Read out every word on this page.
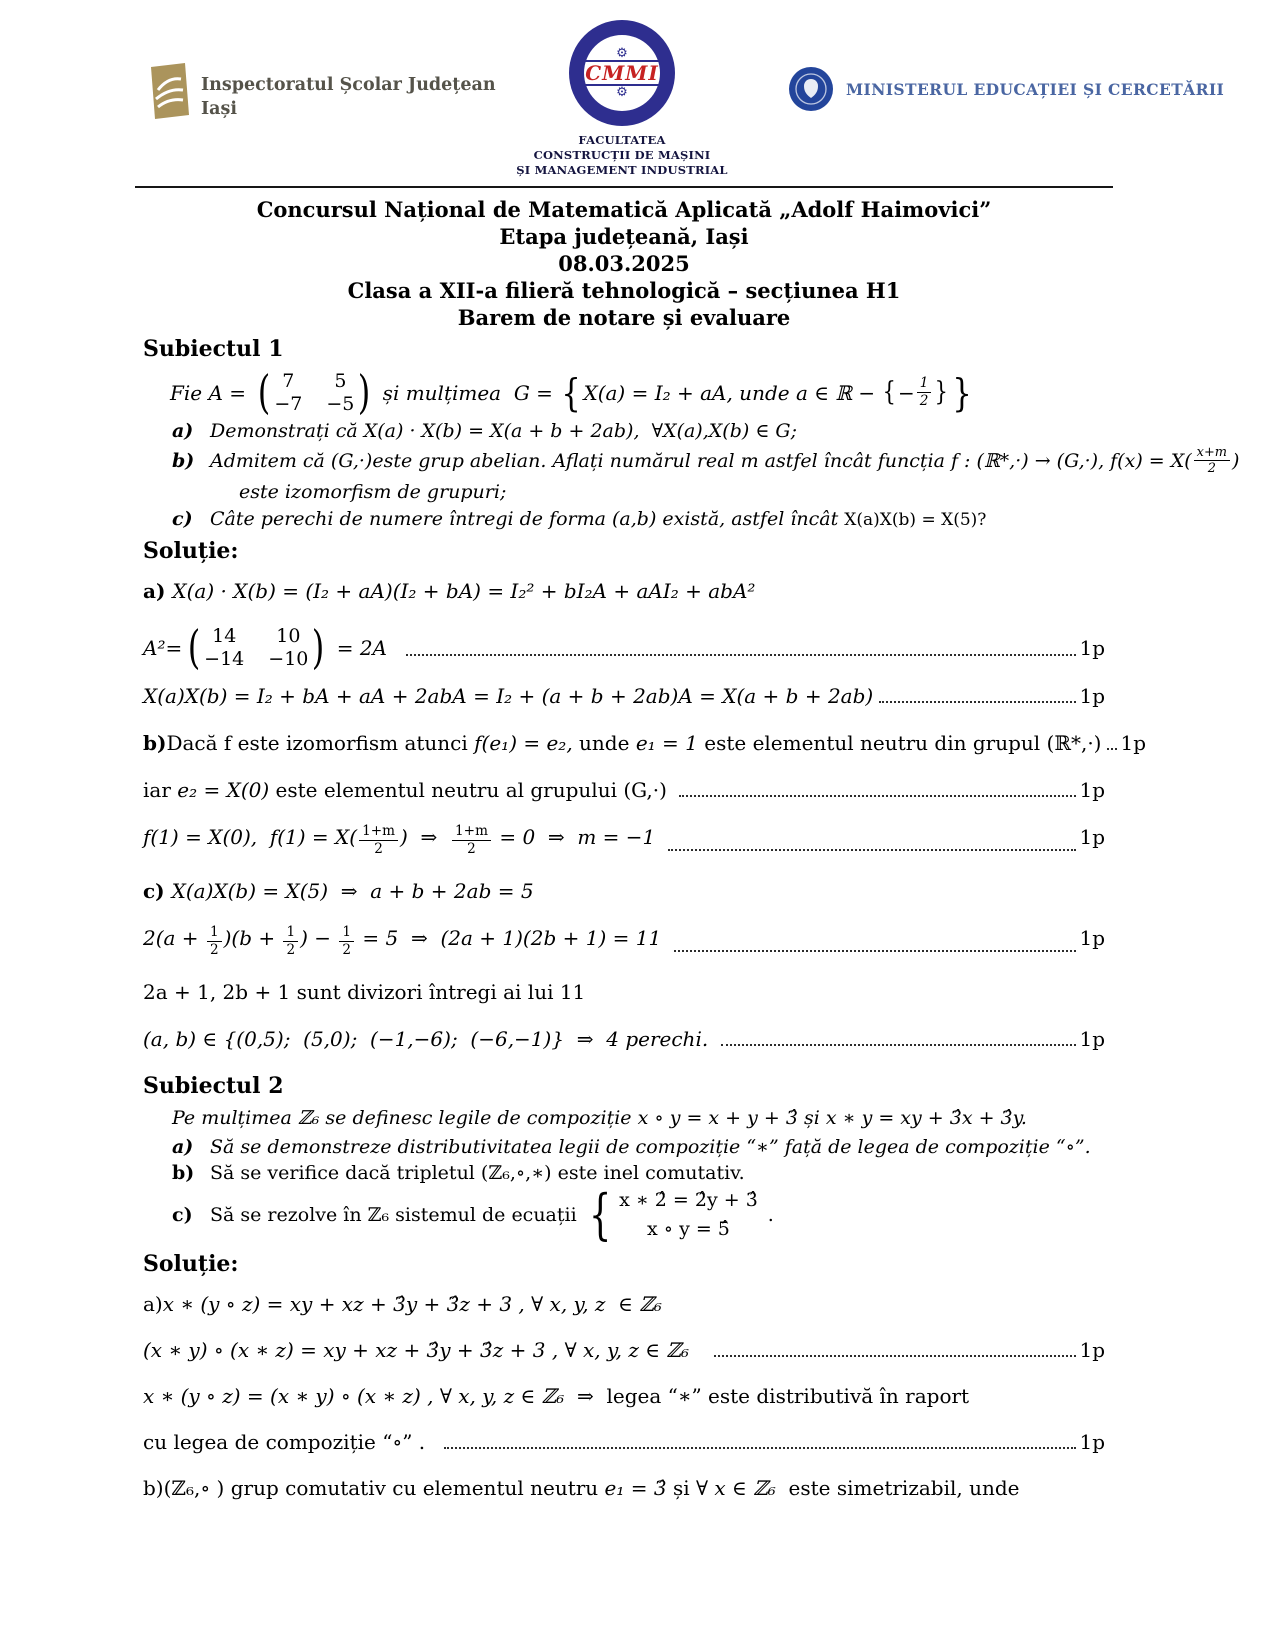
Inspectoratul Școlar Județean
Iași
⚙
CMMI
⚙
FACULTATEA
CONSTRUCȚII DE MAȘINI
ȘI MANAGEMENT INDUSTRIAL
MINISTERUL EDUCAȚIEI ȘI CERCETĂRII
Concursul Național de Matematică Aplicată „Adolf Haimovici”
Etapa județeană, Iași
08.03.2025
Clasa a XII-a filieră tehnologică – secțiunea H1
Barem de notare și evaluare
Subiectul 1
Fie A = ( 7	5
−7 −5 ) și mulțimea  G = { X(a) = I₂ + aA, unde a ∈ ℝ − { − $\frac{1}{2}$ } }
a) Demonstrați că X(a) · X(b) = X(a + b + 2ab),  ∀X(a),X(b) ∈ G;
b) Admitem că (G,·)este grup abelian. Aflați numărul real m astfel încât funcția f : (ℝ*,·) → (G,·), $f(x) = X( \frac{x+m}{2}$ )
este izomorfism de grupuri;
c) Câte perechi de numere întregi de forma (a,b) există, astfel încât X(a)X(b) = X(5)?
Soluție:
a) X(a) · X(b) = (I₂ + aA)(I₂ + bA) = I₂² + bI₂A + aAI₂ + abA²
A²= ( 14	10
−14 −10 ) = 2A	1p
X(a)X(b) = I₂ + bA + aA + 2abA = I₂ + (a + b + 2ab)A = X(a + b + 2ab)	1p
b) Dacă f este izomorfism atunci f(e₁) = e₂, unde e₁ = 1 este elementul neutru din grupul (ℝ*,·) 1p
iar e₂ = X(0) este elementul neutru al grupului (G,·)	1p
f(1) = X(0),  $f(1) = X( \frac{1+m}{2}$ )  ⇒ $\frac{1+m}{2} = 0$  ⇒  m = −1	1p
c) X(a)X(b) = X(5)  ⇒  a + b + 2ab = 5
$2(a + \frac{1}{2} )(b + \frac{1}{2}$ ) − $\frac{1}{2} = 5$  ⇒  (2a + 1)(2b + 1) = 11	1p
2a + 1, 2b + 1 sunt divizori întregi ai lui 11
(a, b) ∈ {(0,5);  (5,0);  (−1,−6);  (−6,−1)}  ⇒  4 perechi.	1p
Subiectul 2
Pe mulțimea ℤ₆ se definesc legile de compoziție x ∘ y = x + y + 3̂ și x ∗ y = xy + 3̂x + 3̂y.
a) Să se demonstreze distributivitatea legii de compoziție “∗” față de legea de compoziție “∘”.
b) Să se verifice dacă tripletul (ℤ₆,∘,∗) este inel comutativ.
c) Să se rezolve în ℤ₆ sistemul de ecuații { x ∗ 2̂ = 2̂y + 3̂
x ∘ y = 5̂
.
Soluție:
a) x ∗ (y ∘ z) = xy + xz + 3̂y + 3̂z + 3 , ∀ x, y, z  ∈ ℤ₆
(x ∗ y) ∘ (x ∗ z) = xy + xz + 3̂y + 3̂z + 3 , ∀ x, y, z ∈ ℤ₆	1p
x ∗ (y ∘ z) = (x ∗ y) ∘ (x ∗ z) , ∀ x, y, z ∈ ℤ₆  ⇒ legea “∗” este distributivă în raport
cu legea de compoziție “∘” .	1p
b) (ℤ₆,∘ ) grup comutativ cu elementul neutru e₁ = 3̂ și ∀ x ∈ ℤ₆ este simetrizabil, unde
